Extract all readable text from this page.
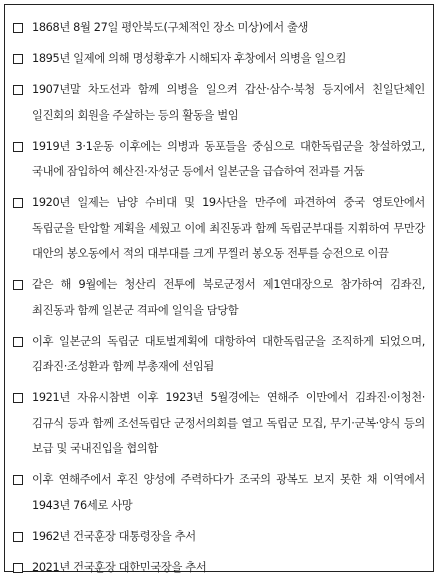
1868년 8월 27일 평안북도(구체적인 장소 미상)에서 출생
1895년 일제에 의해 명성황후가 시해되자 후창에서 의병을 일으킴
1907년말 차도선과 함께 의병을 일으켜 갑산·삼수·북청 등지에서 친일단체인 일진회의 회원을 주살하는 등의 활동을 벌임
1919년 3·1운동 이후에는 의병과 동포들을 중심으로 대한독립군을 창설하였고, 국내에 잠입하여 혜산진·자성군 등에서 일본군을 급습하여 전과를 거둠
1920년 일제는 남양 수비대 및 19사단을 만주에 파견하여 중국 영토안에서 독립군을 탄압할 계획을 세웠고 이에 최진동과 함께 독립군부대를 지휘하여 무만강 대안의 봉오동에서 적의 대부대를 크게 무찔러 봉오동 전투를 승전으로 이끔
같은 해 9월에는 청산리 전투에 북로군정서 제1연대장으로 참가하여 김좌진, 최진동과 함께 일본군 격파에 일익을 담당함
이후 일본군의 독립군 대토벌계획에 대항하여 대한독립군을 조직하게 되었으며, 김좌진·조성환과 함께 부총재에 선임됨
1921년 자유시참변 이후 1923년 5월경에는 연해주 이만에서 김좌진·이청천·김규식 등과 함께 조선독립단 군정서의회를 열고 독립군 모집, 무기·군복·양식 등의 보급 및 국내진입을 협의함
이후 연해주에서 후진 양성에 주력하다가 조국의 광복도 보지 못한 채 이역에서 1943년 76세로 사망
1962년 건국훈장 대통령장을 추서
2021년 건국훈장 대한민국장을 추서
